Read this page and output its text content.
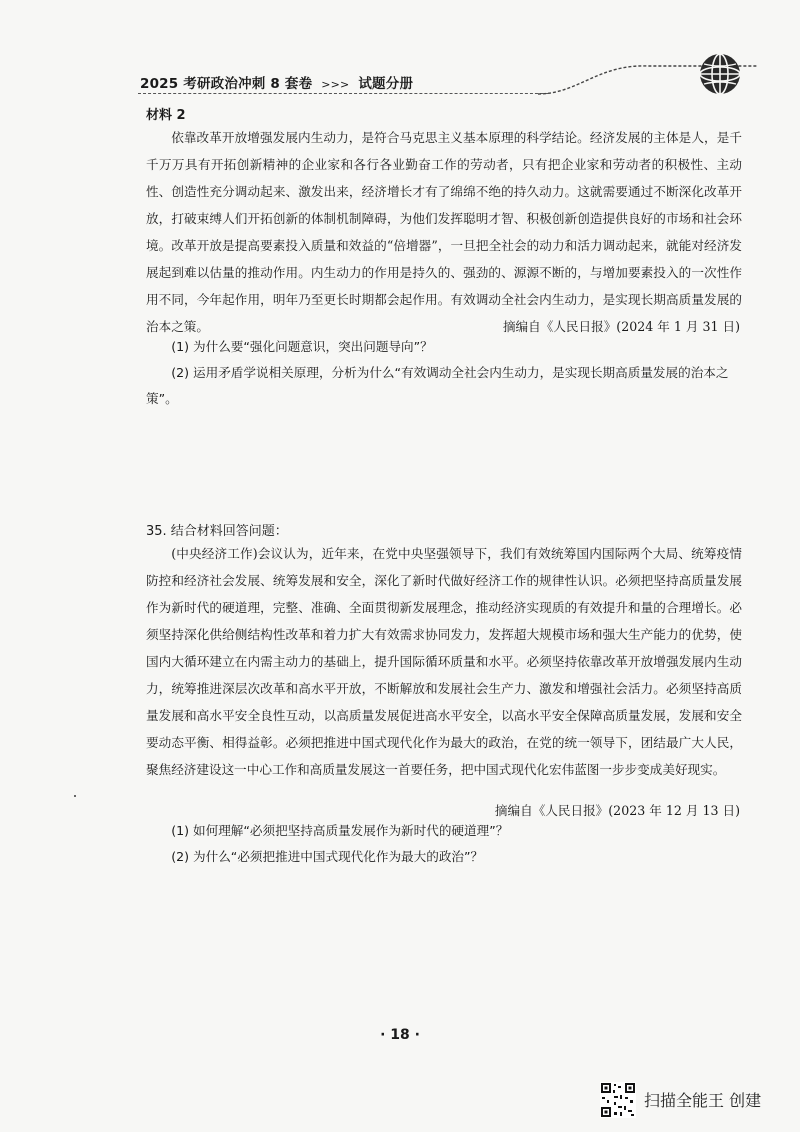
2025 考研政治冲刺 8 套卷 >>> 试题分册
材料 2

依靠改革开放增强发展内生动力，是符合马克思主义基本原理的科学结论。经济发展的主体是人，是千千万万具有开拓创新精神的企业家和各行各业勤奋工作的劳动者，只有把企业家和劳动者的积极性、主动性、创造性充分调动起来、激发出来，经济增长才有了绵绵不绝的持久动力。这就需要通过不断深化改革开放，打破束缚人们开拓创新的体制机制障碍，为他们发挥聪明才智、积极创新创造提供良好的市场和社会环境。改革开放是提高要素投入质量和效益的“倍增器”，一旦把全社会的动力和活力调动起来，就能对经济发展起到难以估量的推动作用。内生动力的作用是持久的、强劲的、源源不断的，与增加要素投入的一次性作用不同，今年起作用，明年乃至更长时期都会起作用。有效调动全社会内生动力，是实现长期高质量发展的治本之策。	摘编自《人民日报》(2024 年 1 月 31 日)

(1) 为什么要“强化问题意识，突出问题导向”？

(2) 运用矛盾学说相关原理，分析为什么“有效调动全社会内生动力，是实现长期高质量发展的治本之策”。

35. 结合材料回答问题：

(中央经济工作)会议认为，近年来，在党中央坚强领导下，我们有效统筹国内国际两个大局、统筹疫情防控和经济社会发展、统筹发展和安全，深化了新时代做好经济工作的规律性认识。必须把坚持高质量发展作为新时代的硬道理，完整、准确、全面贯彻新发展理念，推动经济实现质的有效提升和量的合理增长。必须坚持深化供给侧结构性改革和着力扩大有效需求协同发力，发挥超大规模市场和强大生产能力的优势，使国内大循环建立在内需主动力的基础上，提升国际循环质量和水平。必须坚持依靠改革开放增强发展内生动力，统筹推进深层次改革和高水平开放，不断解放和发展社会生产力、激发和增强社会活力。必须坚持高质量发展和高水平安全良性互动，以高质量发展促进高水平安全，以高水平安全保障高质量发展，发展和安全要动态平衡、相得益彰。必须把推进中国式现代化作为最大的政治，在党的统一领导下，团结最广大人民，聚焦经济建设这一中心工作和高质量发展这一首要任务，把中国式现代化宏伟蓝图一步步变成美好现实。

摘编自《人民日报》(2023 年 12 月 13 日)

(1) 如何理解“必须把坚持高质量发展作为新时代的硬道理”？

(2) 为什么“必须把推进中国式现代化作为最大的政治”？

· 18 ·
扫描全能王 创建
